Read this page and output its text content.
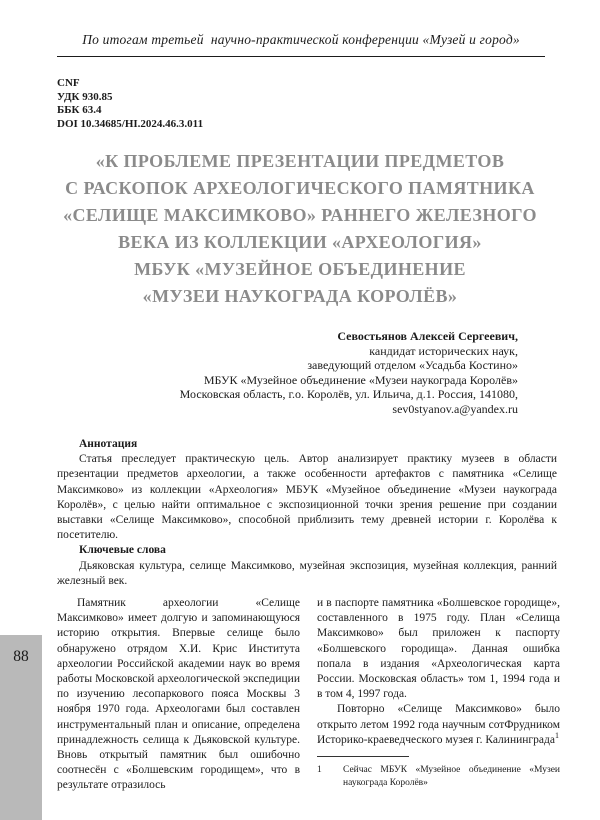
По итогам третьей  научно-практической конференции «Музей и город»
CNF
УДК 930.85
ББК 63.4
DOI 10.34685/HI.2024.46.3.011
«К ПРОБЛЕМЕ ПРЕЗЕНТАЦИИ ПРЕДМЕТОВ
С РАСКОПОК АРХЕОЛОГИЧЕСКОГО ПАМЯТНИКА
«СЕЛИЩЕ МАКСИМКОВО» РАННЕГО ЖЕЛЕЗНОГО
ВЕКА ИЗ КОЛЛЕКЦИИ «АРХЕОЛОГИЯ»
МБУК «МУЗЕЙНОЕ ОБЪЕДИНЕНИЕ
«МУЗЕИ НАУКОГРАДА КОРОЛЁВ»
Севостьянов Алексей Сергеевич,
кандидат исторических наук,
заведующий отделом «Усадьба Костино»
МБУК «Музейное объединение «Музеи наукограда Королёв»
Московская область, г.о. Королёв, ул. Ильича, д.1. Россия, 141080,
sev0styanov.a@yandex.ru
Аннотация

Статья преследует практическую цель. Автор анализирует практику музеев в области презентации предметов археологии, а также особенности артефактов с памятника «Селище Максимково» из коллекции «Археология» МБУК «Музейное объединение «Музеи наукограда Королёв», с целью найти оптимальное с экспозиционной точки зрения решение при создании выставки «Селище Максимково», способной приблизить тему древней истории г. Королёва к посетителю.

Ключевые слова

Дьяковская культура, селище Максимково, музейная экспозиция, музейная коллекция, ранний железный век.

Памятник археологии «Селище Максимково» имеет долгую и запоминающуюся историю открытия. Впервые селище было обнаружено отрядом Х.И. Крис Института археологии Российской академии наук во время работы Московской археологической экспедиции по изучению лесопаркового пояса Москвы 3 ноября 1970 года. Археологами был составлен инструментальный план и описание, определена принадлежность селища к Дьяковской культуре. Вновь открытый памятник был ошибочно соотнесён с «Болшевским городищем», что в результате отразилось

и в паспорте памятника «Болшевское городище», составленного в 1975 году. План «Селища Максимково» был приложен к паспорту «Болшевского городища». Данная ошибка попала в издания «Археологическая карта России. Московская область» том 1, 1994 года и в том 4, 1997 года.

Повторно «Селище Максимково» было открыто летом 1992 года научным сотФрудником Историко-краеведческого музея г. Калининграда$^1$

1	Сейчас МБУК «Музейное объединение «Музеи наукограда Королёв»
88
